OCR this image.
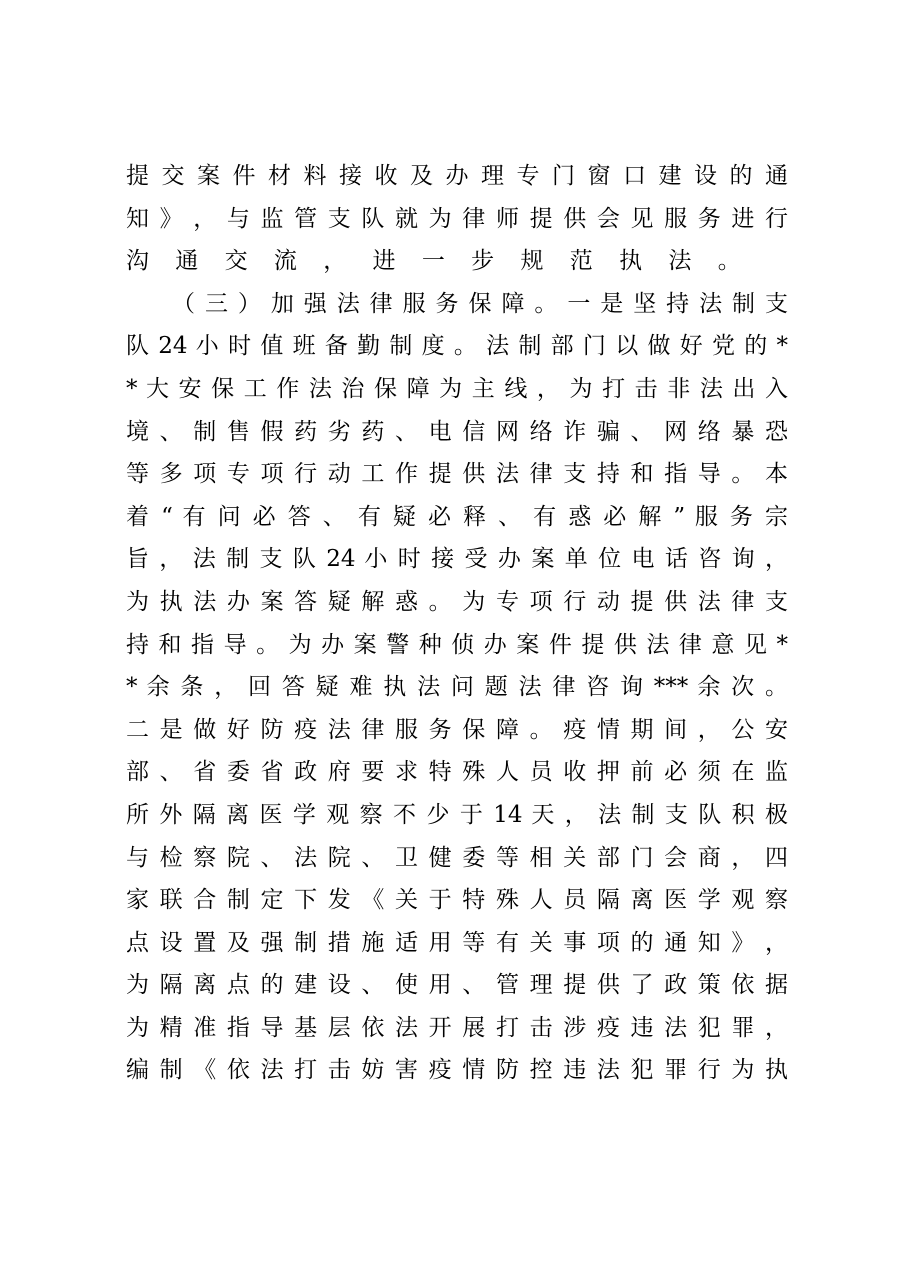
提 交 案 件 材 料 接 收 及 办 理 专 门 窗 口 建 设 的 通
知 》 ， 与 监 管 支 队 就 为 律 师 提 供 会 见 服 务 进 行
沟 通 交 流 ， 进 一 步 规 范 执 法 。
（ 三 ） 加 强 法 律 服 务 保 障 。 一 是 坚 持 法 制 支
队 24 小 时 值 班 备 勤 制 度 。 法 制 部 门 以 做 好 党 的 *
* 大 安 保 工 作 法 治 保 障 为 主 线 ， 为 打 击 非 法 出 入
境 、 制 售 假 药 劣 药 、 电 信 网 络 诈 骗 、 网 络 暴 恐
等 多 项 专 项 行 动 工 作 提 供 法 律 支 持 和 指 导 。 本
着 “ 有 问 必 答 、 有 疑 必 释 、 有 惑 必 解 ” 服 务 宗
旨 ， 法 制 支 队 24 小 时 接 受 办 案 单 位 电 话 咨 询 ，
为 执 法 办 案 答 疑 解 惑 。 为 专 项 行 动 提 供 法 律 支
持 和 指 导 。 为 办 案 警 种 侦 办 案 件 提 供 法 律 意 见 *
* 余 条 ， 回 答 疑 难 执 法 问 题 法 律 咨 询 *** 余 次 。
二 是 做 好 防 疫 法 律 服 务 保 障 。 疫 情 期 间 ， 公 安
部 、 省 委 省 政 府 要 求 特 殊 人 员 收 押 前 必 须 在 监
所 外 隔 离 医 学 观 察 不 少 于 14 天 ， 法 制 支 队 积 极
与 检 察 院 、 法 院 、 卫 健 委 等 相 关 部 门 会 商 ， 四
家 联 合 制 定 下 发 《 关 于 特 殊 人 员 隔 离 医 学 观 察
点 设 置 及 强 制 措 施 适 用 等 有 关 事 项 的 通 知 》 ，
为 隔 离 点 的 建 设 、 使 用 、 管 理 提 供 了 政 策 依 据
为 精 准 指 导 基 层 依 法 开 展 打 击 涉 疫 违 法 犯 罪 ，
编 制 《 依 法 打 击 妨 害 疫 情 防 控 违 法 犯 罪 行 为 执
